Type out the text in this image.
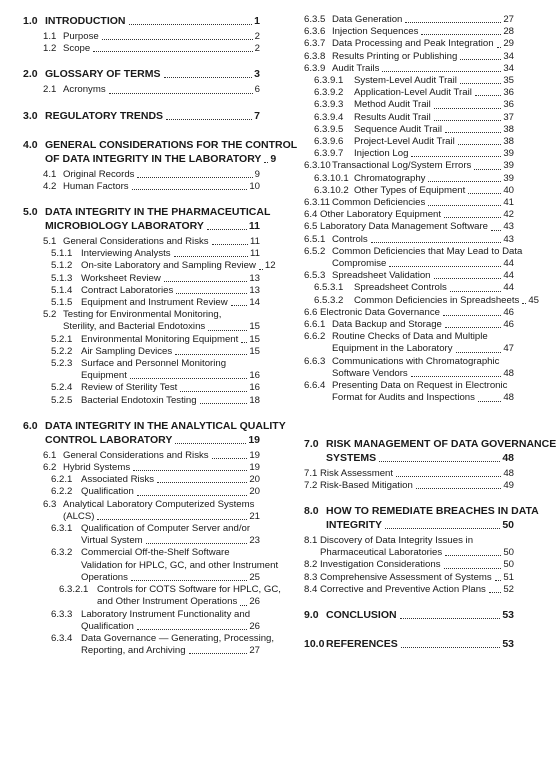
1.0 INTRODUCTION	1
1.1 Purpose	2
1.2 Scope	2
2.0 GLOSSARY OF TERMS	3
2.1 Acronyms	6
3.0 REGULATORY TRENDS	7
4.0 GENERAL CONSIDERATIONS FOR THE CONTROL
OF DATA INTEGRITY IN THE LABORATORY 9
4.1 Original Records	9
4.2 Human Factors	10
5.0 DATA INTEGRITY IN THE PHARMACEUTICAL
MICROBIOLOGY LABORATORY	11
5.1 General Considerations and Risks	11
5.1.1 Interviewing Analysts	11
5.1.2 On-site Laboratory and Sampling Review 12
5.1.3 Worksheet Review	13
5.1.4 Contract Laboratories	13
5.1.5 Equipment and Instrument Review 14
5.2 Testing for Environmental Monitoring,
Sterility, and Bacterial Endotoxins	15
5.2.1 Environmental Monitoring Equipment 15
5.2.2 Air Sampling Devices	15
5.2.3 Surface and Personnel Monitoring
Equipment	16
5.2.4 Review of Sterility Test	16
5.2.5 Bacterial Endotoxin Testing	18
6.0 DATA INTEGRITY IN THE ANALYTICAL QUALITY
CONTROL LABORATORY	19
6.1 General Considerations and Risks	19
6.2 Hybrid Systems	19
6.2.1 Associated Risks	20
6.2.2 Qualification	20
6.3 Analytical Laboratory Computerized Systems
(ALCS)	21
6.3.1 Qualification of Computer Server and/or
Virtual System	23
6.3.2 Commercial Off-the-Shelf Software
Validation for HPLC, GC, and other Instrument
Operations	25
6.3.2.1 Controls for COTS Software for HPLC, GC,
and Other Instrument Operations 26
6.3.3 Laboratory Instrument Functionality and
Qualification	26
6.3.4 Data Governance — Generating, Processing,
Reporting, and Archiving	27
6.3.5 Data Generation	27
6.3.6 Injection Sequences	28
6.3.7 Data Processing and Peak Integration 29
6.3.8 Results Printing or Publishing	34
6.3.9 Audit Trails	34
6.3.9.1	System-Level Audit Trail	35
6.3.9.2	Application-Level Audit Trail	36
6.3.9.3	Method Audit Trail	36
6.3.9.4	Results Audit Trail	37
6.3.9.5	Sequence Audit Trail	38
6.3.9.6	Project-Level Audit Trail	38
6.3.9.7	Injection Log	39
6.3.10 Transactional Log/System Errors	39
6.3.10.1 Chromatography	39
6.3.10.2 Other Types of Equipment	40
6.3.11 Common Deficiencies	41
6.4 Other Laboratory Equipment	42
6.5 Laboratory Data Management Software 43
6.5.1 Controls	43
6.5.2 Common Deficiencies that May Lead to Data
Compromise	44
6.5.3 Spreadsheet Validation	44
6.5.3.1	Spreadsheet Controls	44
6.5.3.2	Common Deficiencies in Spreadsheets 45
6.6 Electronic Data Governance	46
6.6.1 Data Backup and Storage	46
6.6.2 Routine Checks of Data and Multiple
Equipment in the Laboratory	47
6.6.3 Communications with Chromatographic
Software Vendors	48
6.6.4 Presenting Data on Request in Electronic
Format for Audits and Inspections	48
7.0 RISK MANAGEMENT OF DATA GOVERNANCE
SYSTEMS	48
7.1 Risk Assessment	48
7.2 Risk-Based Mitigation	49
8.0 HOW TO REMEDIATE BREACHES IN DATA
INTEGRITY	50
8.1 Discovery of Data Integrity Issues in
Pharmaceutical Laboratories	50
8.2 Investigation Considerations	50
8.3 Comprehensive Assessment of Systems 51
8.4 Corrective and Preventive Action Plans 52
9.0 CONCLUSION	53
10.0 REFERENCES	53
